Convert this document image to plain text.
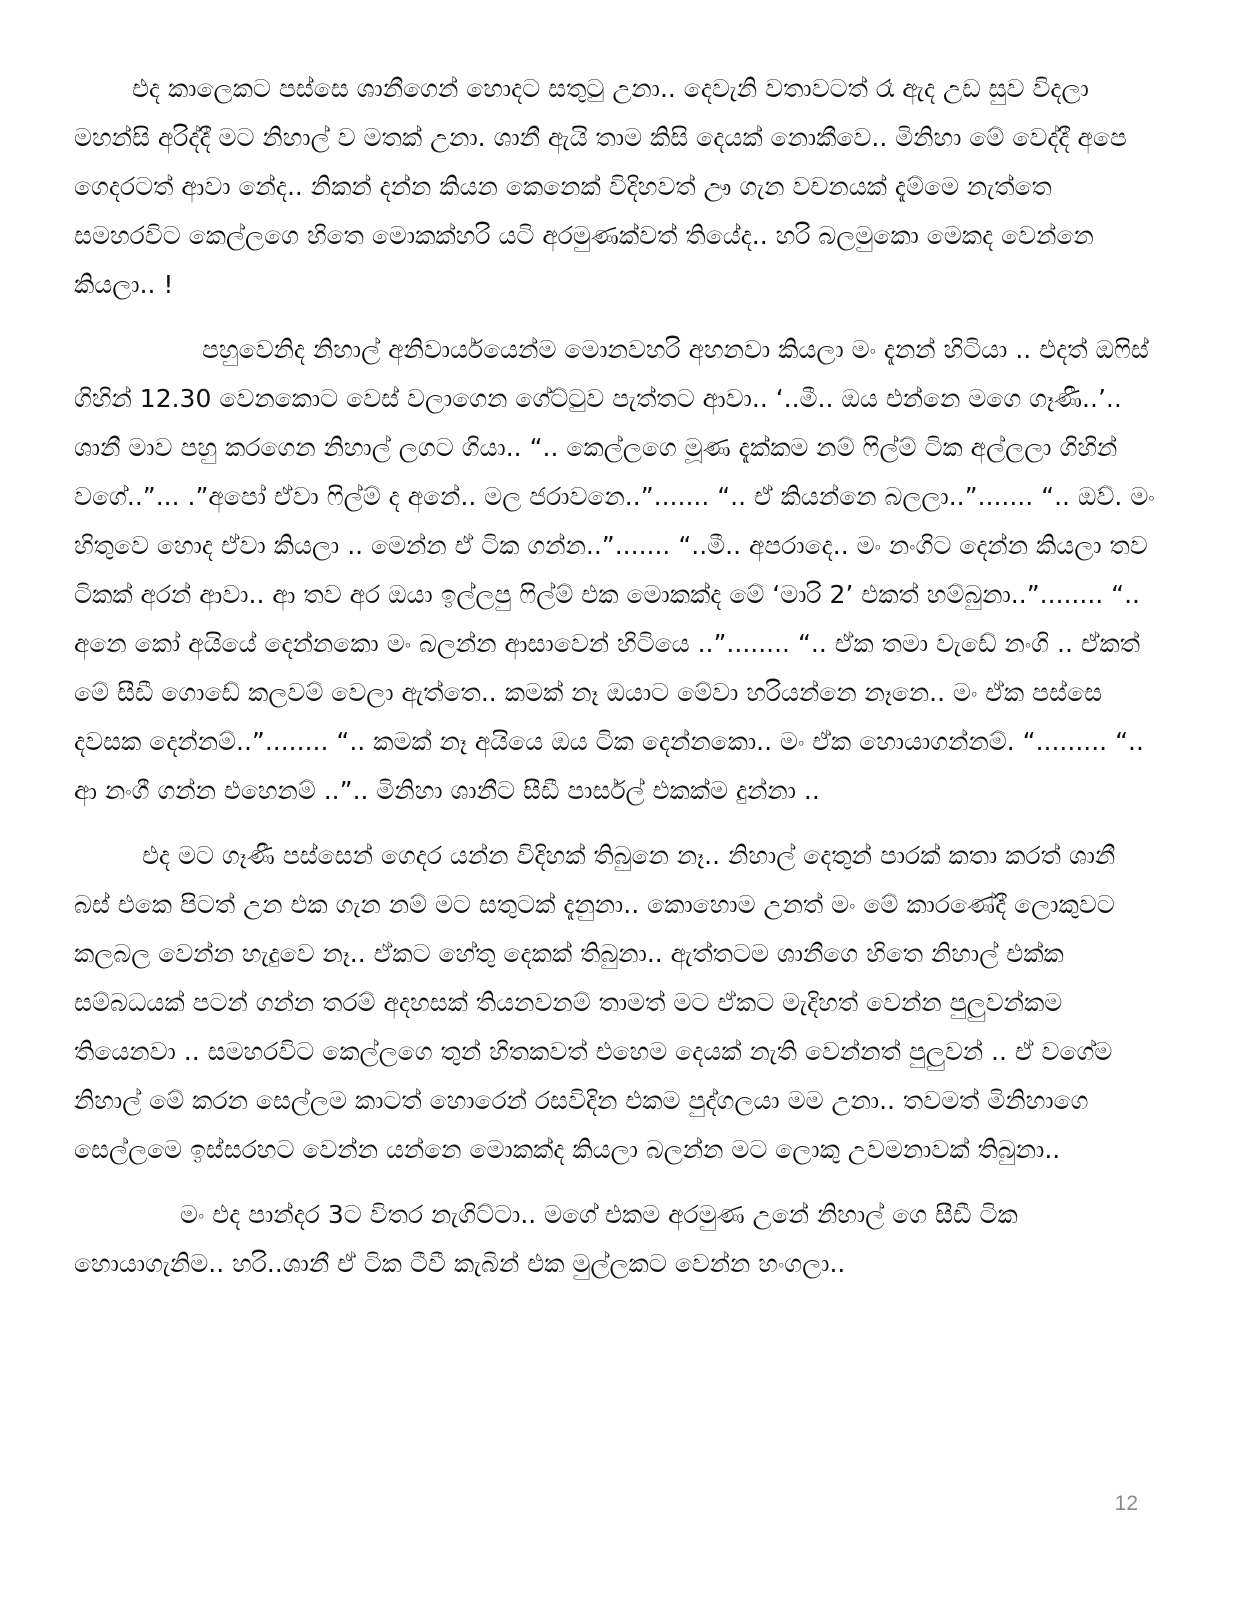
එද කාලෙකට පස්සෙ ශානීගෙන් හොදට සතුටු උනා.. දෙවැනි වතාවටත් රෑ ඇද උඩ සුව විදලා මහන්සි අරිද්දී මට නිහාල් ව මතක් උනා. ශානී ඇයි තාම කිසි දෙයක් නොකීවෙ.. මිනිහා මේ වෙද්දී අපෙ ගෙදරටත් ආවා නේද.. නිකන් දන්න කියන කෙනෙක් විදිහවත් ඌ ගැන වචනයක් දැම්මෙ නැත්තෙ සමහරවිට කෙල්ලගෙ හිතෙ මොකක්හරි යටි අරමුණක්වත් තියේද.. හරි බලමුකො මෙකද වෙන්නෙ කියලා.. !

පහුවෙනිද නිහාල් අනිවාර්යයෙන්ම මොනවහරි අහනවා කියලා මං දැනන් හිටියා .. එදත් ඔෆිස් ගිහින් 12.30 වෙනකොට වෙස් වලාගෙන ගේට්ටුව පැත්තට ආවා.. ‘..මී.. ඔය එන්නෙ මගෙ ගෑණී..’.. ශානී මාව පහු කරගෙන නිහාල් ලගට ගියා.. “.. කෙල්ලගෙ මූණ දැක්කම නම් ෆිල්ම් ටික අල්ලලා ගිහින් වගේ..”... .”අපෝ ඒවා ෆිල්ම් ද අනේ.. මල ජරාවනෙ..”....... “.. ඒ කියන්නෙ බලලා..”....... “.. ඔව්. මං හිතුවෙ හොද ඒවා කියලා .. මෙන්න ඒ ටික ගන්න..”....... “..මී.. අපරාදෙ.. මං නංගිට දෙන්න කියලා තව ටිකක් අරන් ආවා.. ආ තව අර ඔයා ඉල්ලපු ෆිල්ම් එක මොකක්ද මේ ‘මාරි 2’ එකත් හම්බුනා..”........ “.. අනෙ කෝ අයියේ දෙන්නකො මං බලන්න ආසාවෙන් හිටියෙ ..”........ “.. ඒක තමා වැඩේ නංගි .. ඒකත් මේ සීඩී ගොඩේ කලවම් වෙලා ඇත්තෙ.. කමක් නෑ ඔයාට මේවා හරියන්නෙ නෑනෙ.. මං ඒක පස්සෙ දවසක දෙන්නම්..”........ “.. කමක් නෑ අයියෙ ඔය ටික දෙන්නකො.. මං ඒක හොයාගන්නම්. “......... “.. ආ නංගී ගන්න එහෙනම් ..”.. මිනිහා ශානීට සීඩී පාර්සල් එකක්ම දුන්නා ..

එද මට ගෑණී පස්සෙන් ගෙදර යන්න විදිහක් තිබුනෙ නෑ.. නිහාල් දෙතුන් පාරක් කතා කරත් ශානී බස් එකෙ පිටත් උන එක ගැන නම් මට සතුටක් දැනුනා.. කොහොම උනත් මං මේ කාරණේදී ලොකුවට කලබල වෙන්න හැදුවෙ නෑ.. ඒකට හේතු දෙකක් තිබුනා.. ඇත්තටම ශානීගෙ හිතෙ නිහාල් එක්ක සම්බධයක් පටන් ගන්න තරම් අදහසක් තියනවනම් තාමත් මට ඒකට මැදිහත් වෙන්න පුලුවන්කම තියෙනවා .. සමහරවිට කෙල්ලගෙ තුන් හිතකවත් එහෙම දෙයක් නැති වෙන්නත් පුලුවන් .. ඒ වගේම නිහාල් මේ කරන සෙල්ලම කාටත් හොරෙන් රසවිදින එකම පුද්ගලයා මම උනා.. තවමත් මිනිහාගෙ සෙල්ලමෙ ඉස්සරහට වෙන්න යන්නෙ මොකක්ද කියලා බලන්න මට ලොකු උවමනාවක් තිබුනා..

මං එද පාන්දර 3ට විතර නැගිට්ටා.. මගේ එකම අරමුණ උනේ නිහාල් ගෙ සීඩී ටික හොයාගැනිම.. හරි..ශානී ඒ ටික ටීවී කැබින් එක මුල්ලකට වෙන්න හංගලා..

12
